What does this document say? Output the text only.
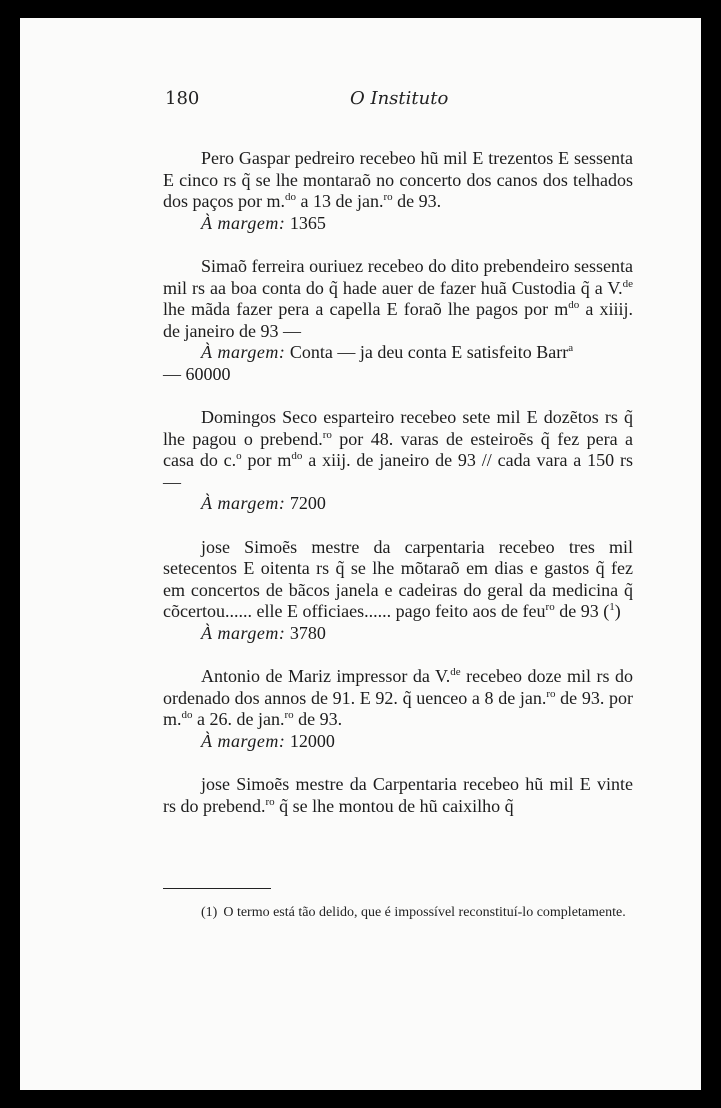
180	O Instituto

Pero Gaspar pedreiro recebeo hũ mil E trezentos E sessenta E cinco rs q̃ se lhe montaraõ no concerto dos canos dos telhados dos paços por m.$^{do}$ a 13 de jan.$^{ro}$ de 93.

À margem: 1365

Simaõ ferreira ouriuez recebeo do dito prebendeiro sessenta mil rs aa boa conta do q̃ hade auer de fazer huã Custodia q̃ a V.$^{de}$ lhe mãda fazer pera a capella E foraõ lhe pagos por $m^{do}$ a xiiij. de janeiro de 93 —

À margem: Conta — ja deu conta E satisfeito Barr$^a$
— 60000

Domingos Seco esparteiro recebeo sete mil E dozẽtos rs q̃ lhe pagou o prebend.$^{ro}$ por 48. varas de esteiroẽs q̃ fez pera a casa do c.$^o$ por $m^{do}$ a xiij. de janeiro de 93 // cada vara a 150 rs —

À margem: 7200

jose Simoẽs mestre da carpentaria recebeo tres mil setecentos E oitenta rs q̃ se lhe mõtaraõ em dias e gastos q̃ fez em concertos de bãcos janela e cadeiras do geral da medicina q̃ cõcertou...... elle E officiaes...... pago feito aos de feu$^{ro}$ de 93 ($^1$)

À margem: 3780

Antonio de Mariz impressor da V.$^{de}$ recebeo doze mil rs do ordenado dos annos de 91. E 92. q̃ uenceo a 8 de jan.$^{ro}$ de 93. por m.$^{do}$ a 26. de jan.$^{ro}$ de 93.

À margem: 12000

jose Simoẽs mestre da Carpentaria recebeo hũ mil E vinte rs do prebend.$^{ro}$ q̃ se lhe montou de hũ caixilho q̃

(1) O termo está tão delido, que é impossível reconstituí-lo completamente.
